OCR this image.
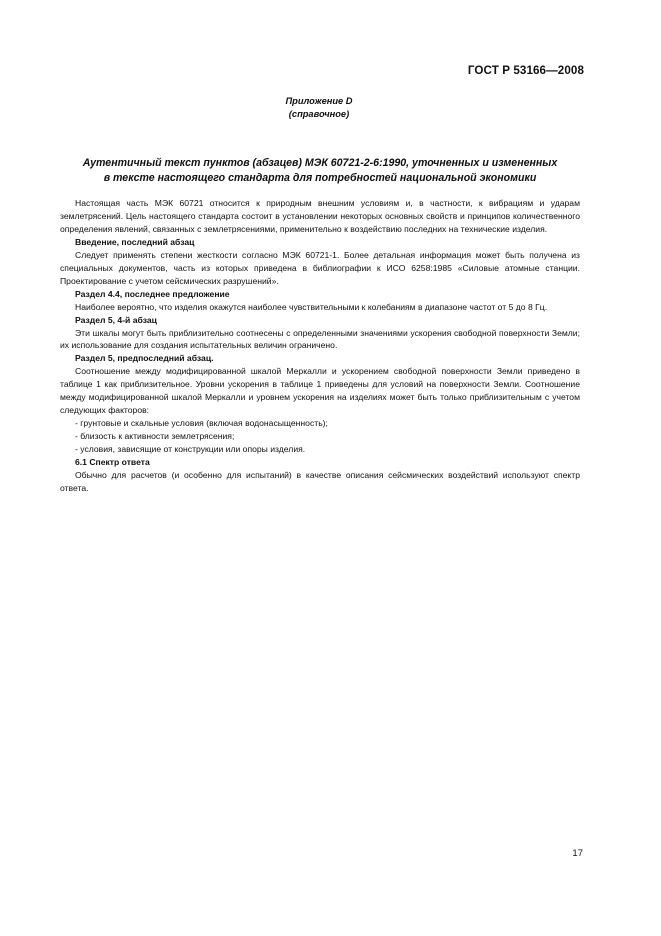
ГОСТ Р 53166—2008
Приложение D
(справочное)
Аутентичный текст пунктов (абзацев) МЭК 60721-2-6:1990, уточненных и измененных
в тексте настоящего стандарта для потребностей национальной экономики

Настоящая часть МЭК 60721 относится к природным внешним условиям и, в частности, к вибрациям и ударам землетрясений. Цель настоящего стандарта состоит в установлении некоторых основных свойств и принципов количественного определения явлений, связанных с землетрясениями, применительно к воздействию последних на технические изделия.

Введение, последний абзац

Следует применять степени жесткости согласно МЭК 60721-1. Более детальная информация может быть получена из специальных документов, часть из которых приведена в библиографии к ИСО 6258:1985 «Силовые атомные станции. Проектирование с учетом сейсмических разрушений».

Раздел 4.4, последнее предложение

Наиболее вероятно, что изделия окажутся наиболее чувствительными к колебаниям в диапазоне частот от 5 до 8 Гц.

Раздел 5, 4-й абзац

Эти шкалы могут быть приблизительно соотнесены с определенными значениями ускорения свободной поверхности Земли; их использование для создания испытательных величин ограничено.

Раздел 5, предпоследний абзац.

Соотношение между модифицированной шкалой Меркалли и ускорением свободной поверхности Земли приведено в таблице 1 как приблизительное. Уровни ускорения в таблице 1 приведены для условий на поверхности Земли. Соотношение между модифицированной шкалой Меркалли и уровнем ускорения на изделиях может быть только приблизительным с учетом следующих факторов:

- грунтовые и скальные условия (включая водонасыщенность);

- близость к активности землетрясения;

- условия, зависящие от конструкции или опоры изделия.

6.1 Спектр ответа

Обычно для расчетов (и особенно для испытаний) в качестве описания сейсмических воздействий используют спектр ответа.

17
